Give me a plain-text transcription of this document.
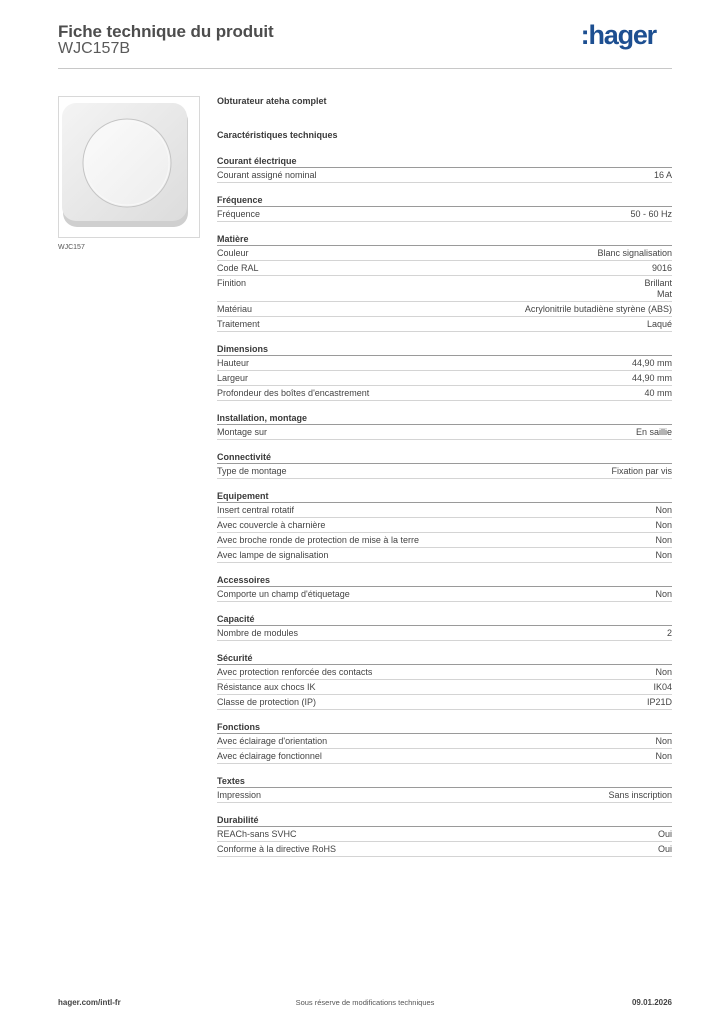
Fiche technique du produit
WJC157B	:hager
WJC157
Obturateur ateha complet
Caractéristiques techniques
Courant électrique
Courant assigné nominal	16 A
Fréquence
Fréquence	50 - 60 Hz
Matière
Couleur	Blanc signalisation
Code RAL	9016
Finition	Brillant
Mat
Matériau	Acrylonitrile butadiène styrène (ABS)
Traitement	Laqué
Dimensions
Hauteur	44,90 mm
Largeur	44,90 mm
Profondeur des boîtes d'encastrement	40 mm
Installation, montage
Montage sur	En saillie
Connectivité
Type de montage	Fixation par vis
Equipement
Insert central rotatif	Non
Avec couvercle à charnière	Non
Avec broche ronde de protection de mise à la terre	Non
Avec lampe de signalisation	Non
Accessoires
Comporte un champ d'étiquetage	Non
Capacité
Nombre de modules	2
Sécurité
Avec protection renforcée des contacts	Non
Résistance aux chocs IK	IK04
Classe de protection (IP)	IP21D
Fonctions
Avec éclairage d'orientation	Non
Avec éclairage fonctionnel	Non
Textes
Impression	Sans inscription
Durabilité
REACh-sans SVHC	Oui
Conforme à la directive RoHS	Oui
hager.com/intl-fr	Sous réserve de modifications techniques	09.01.2026
